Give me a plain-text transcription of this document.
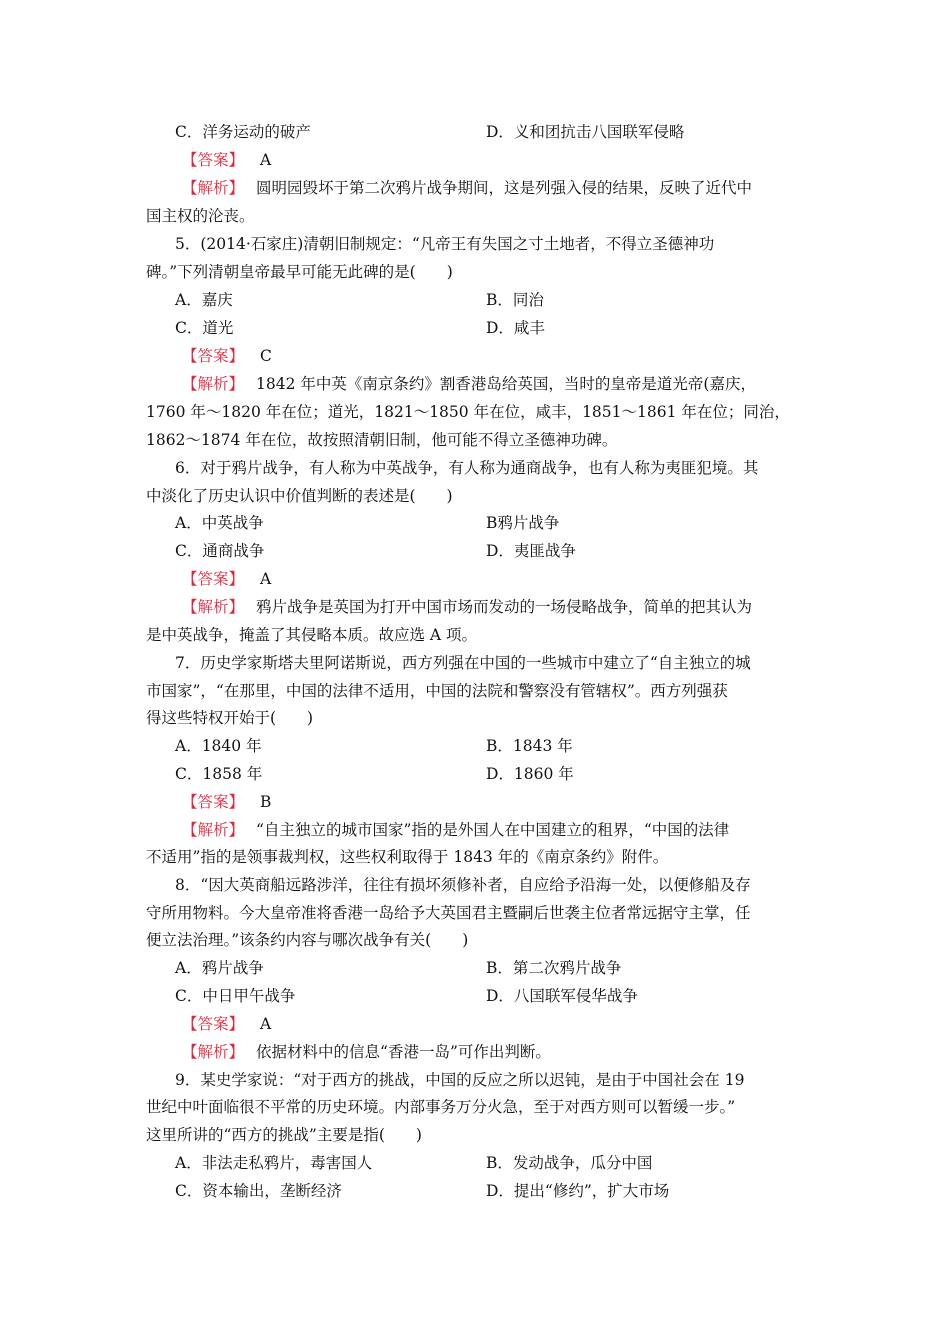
C．洋务运动的破产	D．义和团抗击八国联军侵略
【答案】 A
【解析】 圆明园毁坏于第二次鸦片战争期间，这是列强入侵的结果，反映了近代中
国主权的沦丧。
5．(2014·石家庄)清朝旧制规定：“凡帝王有失国之寸土地者，不得立圣德神功
碑。”下列清朝皇帝最早可能无此碑的是(　　)
A．嘉庆	B．同治
C．道光	D．咸丰
【答案】 C
【解析】 1842 年中英《南京条约》割香港岛给英国，当时的皇帝是道光帝(嘉庆，
1760 年～1820 年在位；道光，1821～1850 年在位，咸丰，1851～1861 年在位；同治，
1862～1874 年在位，故按照清朝旧制，他可能不得立圣德神功碑。
6．对于鸦片战争，有人称为中英战争，有人称为通商战争，也有人称为夷匪犯境。其
中淡化了历史认识中价值判断的表述是(　　)
A．中英战争	B鸦片战争
C．通商战争	D．夷匪战争
【答案】 A
【解析】 鸦片战争是英国为打开中国市场而发动的一场侵略战争，简单的把其认为
是中英战争，掩盖了其侵略本质。故应选 A 项。
7．历史学家斯塔夫里阿诺斯说，西方列强在中国的一些城市中建立了“自主独立的城
市国家”，“在那里，中国的法律不适用，中国的法院和警察没有管辖权”。西方列强获
得这些特权开始于(　　)
A．1840 年	B．1843 年
C．1858 年	D．1860 年
【答案】 B
【解析】 “自主独立的城市国家”指的是外国人在中国建立的租界，“中国的法律
不适用”指的是领事裁判权，这些权利取得于 1843 年的《南京条约》附件。
8．“因大英商船远路涉洋，往往有损坏须修补者，自应给予沿海一处，以便修船及存
守所用物料。今大皇帝准将香港一岛给予大英国君主暨嗣后世袭主位者常远据守主掌，任
便立法治理。”该条约内容与哪次战争有关(　　)
A．鸦片战争	B．第二次鸦片战争
C．中日甲午战争	D．八国联军侵华战争
【答案】 A
【解析】 依据材料中的信息“香港一岛”可作出判断。
9．某史学家说：“对于西方的挑战，中国的反应之所以迟钝，是由于中国社会在 19
世纪中叶面临很不平常的历史环境。内部事务万分火急，至于对西方则可以暂缓一步。”
这里所讲的“西方的挑战”主要是指(　　)
A．非法走私鸦片，毒害国人	B．发动战争，瓜分中国
C．资本输出，垄断经济	D．提出“修约”，扩大市场
